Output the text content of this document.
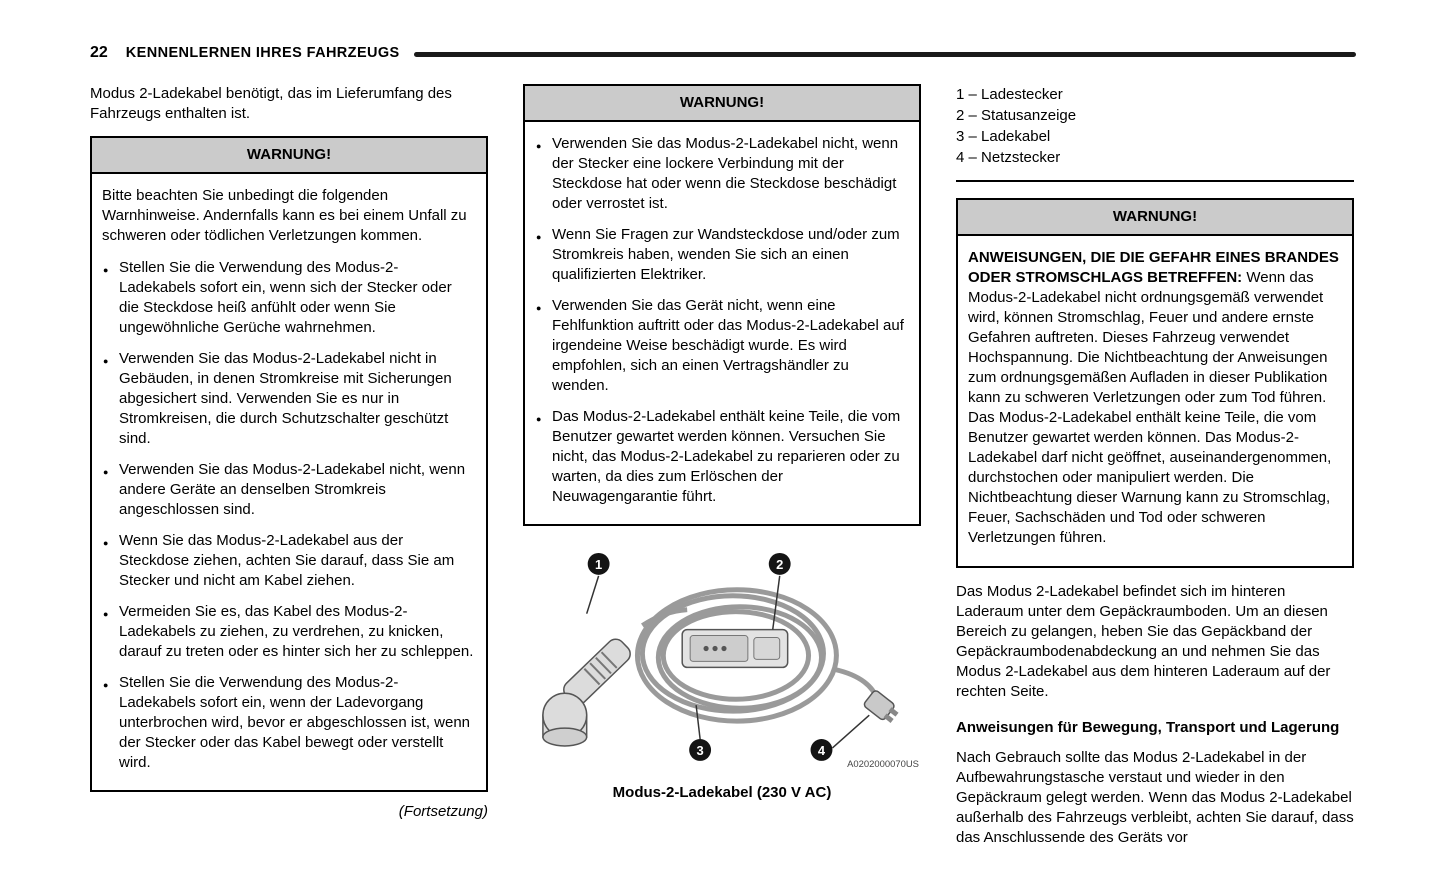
22 KENNENLERNEN IHRES FAHRZEUGS

Modus 2-Ladekabel benötigt, das im Lieferumfang des Fahrzeugs enthalten ist.

WARNUNG!

Bitte beachten Sie unbedingt die folgenden Warnhinweise. Andernfalls kann es bei einem Unfall zu schweren oder tödlichen Verletzungen kommen.

● Stellen Sie die Verwendung des Modus-2-Ladekabels sofort ein, wenn sich der Stecker oder die Steckdose heiß anfühlt oder wenn Sie ungewöhnliche Gerüche wahrnehmen.
● Verwenden Sie das Modus-2-Ladekabel nicht in Gebäuden, in denen Stromkreise mit Sicherungen abgesichert sind. Verwenden Sie es nur in Stromkreisen, die durch Schutzschalter geschützt sind.
● Verwenden Sie das Modus-2-Ladekabel nicht, wenn andere Geräte an denselben Stromkreis angeschlossen sind.
● Wenn Sie das Modus-2-Ladekabel aus der Steckdose ziehen, achten Sie darauf, dass Sie am Stecker und nicht am Kabel ziehen.
● Vermeiden Sie es, das Kabel des Modus-2-Ladekabels zu ziehen, zu verdrehen, zu knicken, darauf zu treten oder es hinter sich her zu schleppen.
● Stellen Sie die Verwendung des Modus-2-Ladekabels sofort ein, wenn der Ladevorgang unterbrochen wird, bevor er abgeschlossen ist, wenn der Stecker oder das Kabel bewegt oder verstellt wird.
(Fortsetzung)
WARNUNG!
● Verwenden Sie das Modus-2-Ladekabel nicht, wenn der Stecker eine lockere Verbindung mit der Steckdose hat oder wenn die Steckdose beschädigt oder verrostet ist.
● Wenn Sie Fragen zur Wandsteckdose und/oder zum Stromkreis haben, wenden Sie sich an einen qualifizierten Elektriker.
● Verwenden Sie das Gerät nicht, wenn eine Fehlfunktion auftritt oder das Modus-2-Ladekabel auf irgendeine Weise beschädigt wurde. Es wird empfohlen, sich an einen Vertragshändler zu wenden.
● Das Modus-2-Ladekabel enthält keine Teile, die vom Benutzer gewartet werden können. Versuchen Sie nicht, das Modus-2-Ladekabel zu reparieren oder zu warten, da dies zum Erlöschen der Neuwagengarantie führt.
1	2
3	4
A0202000070US
Modus-2-Ladekabel (230 V AC)
1 – Ladestecker
2 – Statusanzeige
3 – Ladekabel
4 – Netzstecker
WARNUNG!

ANWEISUNGEN, DIE DIE GEFAHR EINES BRANDES ODER STROMSCHLAGS BETREFFEN: Wenn das Modus-2-Ladekabel nicht ordnungsgemäß verwendet wird, können Stromschlag, Feuer und andere ernste Gefahren auftreten. Dieses Fahrzeug verwendet Hochspannung. Die Nichtbeachtung der Anweisungen zum ordnungsgemäßen Aufladen in dieser Publikation kann zu schweren Verletzungen oder zum Tod führen. Das Modus-2-Ladekabel enthält keine Teile, die vom Benutzer gewartet werden können. Das Modus-2-Ladekabel darf nicht geöffnet, auseinandergenommen, durchstochen oder manipuliert werden. Die Nichtbeachtung dieser Warnung kann zu Stromschlag, Feuer, Sachschäden und Tod oder schweren Verletzungen führen.

Das Modus 2-Ladekabel befindet sich im hinteren Laderaum unter dem Gepäckraumboden. Um an diesen Bereich zu gelangen, heben Sie das Gepäckband der Gepäckraumbodenabdeckung an und nehmen Sie das Modus 2-Ladekabel aus dem hinteren Laderaum auf der rechten Seite.

Anweisungen für Bewegung, Transport und Lagerung

Nach Gebrauch sollte das Modus 2-Ladekabel in der Aufbewahrungstasche verstaut und wieder in den Gepäckraum gelegt werden. Wenn das Modus 2-Ladekabel außerhalb des Fahrzeugs verbleibt, achten Sie darauf, dass das Anschlussende des Geräts vor
